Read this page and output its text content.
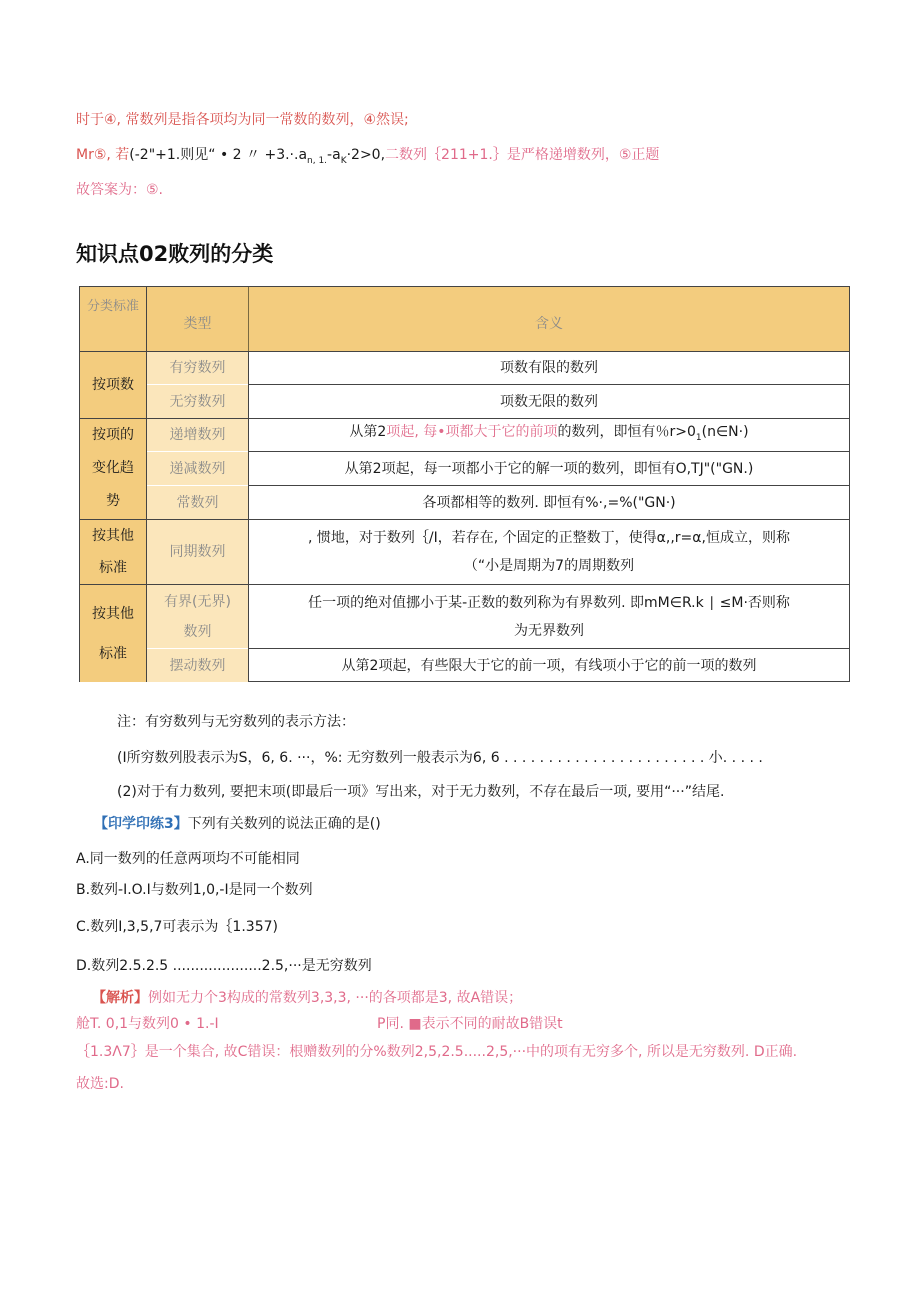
时于④, 常数列是指各项均为同一常数的数列，④然误;
Mr⑤, 若(-2"+1.则见“ • 2 〃 $+3.\cdot.a_{n, 1.}-a_K\cdot 2>0$,二数列｛211+1.｝是严格递增数列，⑤正题
故答案为：⑤.
知识点02败列的分类
分类标准
类型	含义
按项数
按项的
变化趋
势
按其他
标准
按其他
标准
有穷数列
无穷数列
递增数列
递减数列
常数列
同期数列
有界(无界)
数列
摆动数列
项数有限的数列
项数无限的数列
从第2项起, 每•项都大于它的前项的数列，即恒有％$r>0_1(n\in N\cdot)$
从第2项起，每一项都小于它的解一项的数列，即恒有O,TJ"("GN.)
各项都相等的数列. 即恒有%·,=%("GN·)
, 惯地，对于数列｛/I，若存在, 个固定的正整数丁，使得α,,r=α,恒成立，则称
（“小是周期为7的周期数列
任一项的绝对值挪小于某-正数的数列称为有界数列. 即mM∈R.k ∣ ≤M·否则称
为无界数列
从第2项起，有些限大于它的前一项，有线项小于它的前一项的数列
注：有穷数列与无穷数列的表示方法：
(I所穷数列股表示为S，6, 6. ···，%: 无穷数列一般表示为6, 6 . . . . . . . . . . . . . . . . . . . . . . . 小. . . . .
(2)对于有力数列, 要把末项(即最后一项》写出来，对于无力数列，不存在最后一项, 要用“···”结尾.
【印学印练3】下列有关数列的说法正确的是()
A.同一数列的任意两项均不可能相同
B.数列-I.O.I与数列1,0,-I是同一个数列
C.数列I,3,5,7可表示为｛1.357)
D.数列2.5.2.5 ....................2.5,···是无穷数列
【解析】例如无力个3构成的常数列3,3,3, ···的各项都是3, 故A错误；
舱T. 0,1与数列0 • 1.-I	P同. ■表示不同的耐故B错误t
｛1.3Λ7｝是一个集合, 故C错误：根赠数列的分%数列2,5,2.5.....2,5,···中的项有无穷多个, 所以是无穷数列. D正确.
故选:D.
